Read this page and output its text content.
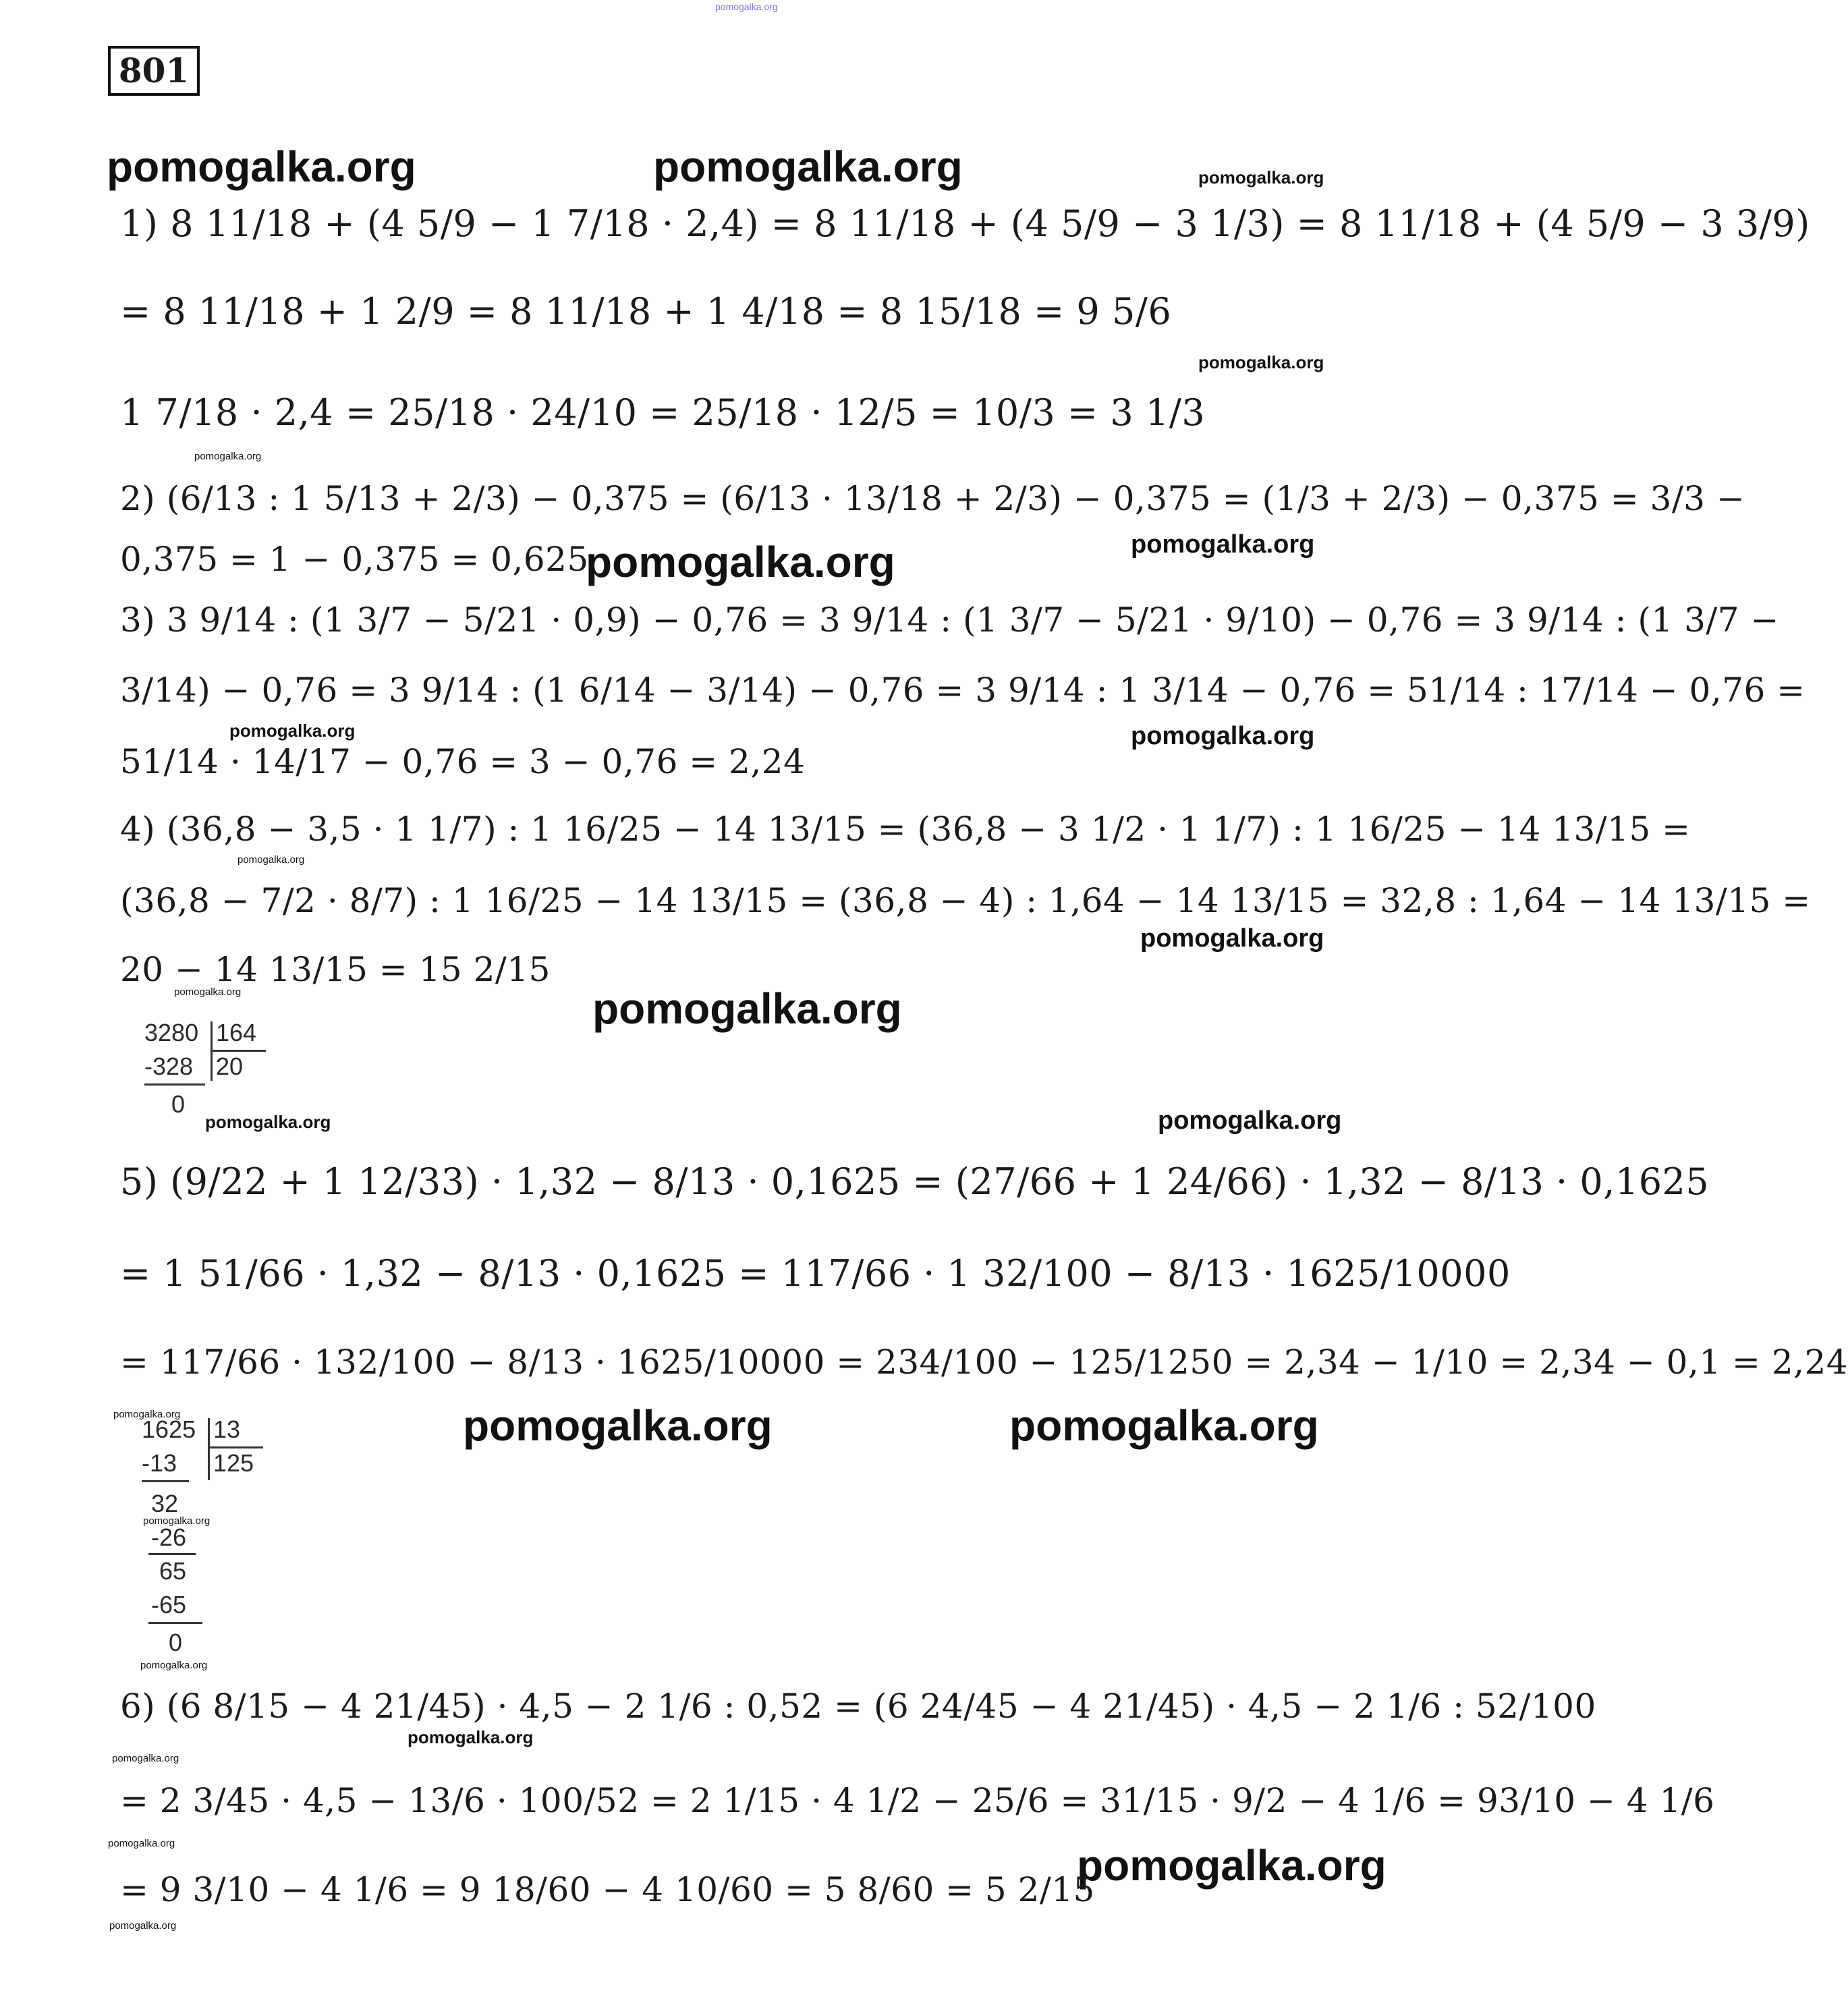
pomogalka.org
801
pomogalka.org	pomogalka.org	pomogalka.org
pomogalka.org
pomogalka.org
pomogalka.org	pomogalka.org
pomogalka.org
pomogalka.org
pomogalka.org
pomogalka.org
pomogalka.org	pomogalka.org
pomogalka.org	pomogalka.org
pomogalka.org	pomogalka.org	pomogalka.org
pomogalka.org
pomogalka.org
pomogalka.org
pomogalka.org
pomogalka.org	pomogalka.org
pomogalka.org
1) 8 11/18 + (4 5/9 − 1 7/18 · 2,4) = 8 11/18 + (4 5/9 − 3 1/3) = 8 11/18 + (4 5/9 − 3 3/9)
= 8 11/18 + 1 2/9 = 8 11/18 + 1 4/18 = 8 15/18 = 9 5/6
1 7/18 · 2,4 = 25/18 · 24/10 = 25/18 · 12/5 = 10/3 = 3 1/3
2) (6/13 : 1 5/13 + 2/3) − 0,375 = (6/13 · 13/18 + 2/3) − 0,375 = (1/3 + 2/3) − 0,375 = 3/3 −
0,375 = 1 − 0,375 = 0,625
3) 3 9/14 : (1 3/7 − 5/21 · 0,9) − 0,76 = 3 9/14 : (1 3/7 − 5/21 · 9/10) − 0,76 = 3 9/14 : (1 3/7 −
3/14) − 0,76 = 3 9/14 : (1 6/14 − 3/14) − 0,76 = 3 9/14 : 1 3/14 − 0,76 = 51/14 : 17/14 − 0,76 =
51/14 · 14/17 − 0,76 = 3 − 0,76 = 2,24
4) (36,8 − 3,5 · 1 1/7) : 1 16/25 − 14 13/15 = (36,8 − 3 1/2 · 1 1/7) : 1 16/25 − 14 13/15 =
(36,8 − 7/2 · 8/7) : 1 16/25 − 14 13/15 = (36,8 − 4) : 1,64 − 14 13/15 = 32,8 : 1,64 − 14 13/15 =
20 − 14 13/15 = 15 2/15
3280 164
-328 20
0
5) (9/22 + 1 12/33) · 1,32 − 8/13 · 0,1625 = (27/66 + 1 24/66) · 1,32 − 8/13 · 0,1625
= 1 51/66 · 1,32 − 8/13 · 0,1625 = 117/66 · 1 32/100 − 8/13 · 1625/10000
= 117/66 · 132/100 − 8/13 · 1625/10000 = 234/100 − 125/1250 = 2,34 − 1/10 = 2,34 − 0,1 = 2,24
1625 13
-13 125
32
-26
65
-65
0
6) (6 8/15 − 4 21/45) · 4,5 − 2 1/6 : 0,52 = (6 24/45 − 4 21/45) · 4,5 − 2 1/6 : 52/100
= 2 3/45 · 4,5 − 13/6 · 100/52 = 2 1/15 · 4 1/2 − 25/6 = 31/15 · 9/2 − 4 1/6 = 93/10 − 4 1/6
= 9 3/10 − 4 1/6 = 9 18/60 − 4 10/60 = 5 8/60 = 5 2/15
